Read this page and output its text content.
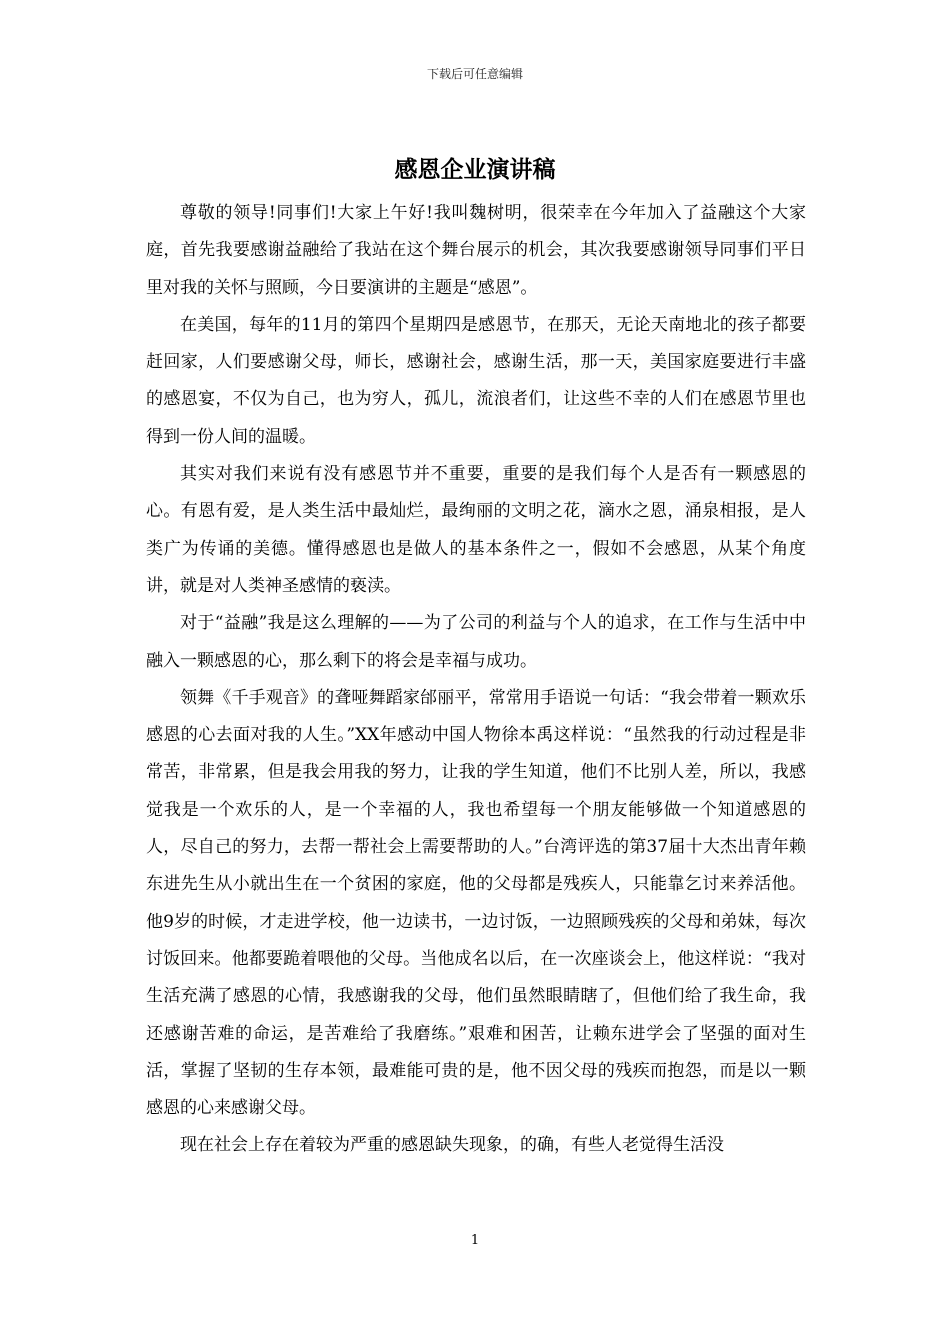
下载后可任意编辑
感恩企业演讲稿

尊敬的领导!同事们!大家上午好!我叫魏树明，很荣幸在今年加入了益融这个大家庭，首先我要感谢益融给了我站在这个舞台展示的机会，其次我要感谢领导同事们平日里对我的关怀与照顾，今日要演讲的主题是“感恩”。

在美国，每年的11月的第四个星期四是感恩节，在那天，无论天南地北的孩子都要赶回家，人们要感谢父母，师长，感谢社会，感谢生活，那一天，美国家庭要进行丰盛的感恩宴，不仅为自己，也为穷人，孤儿，流浪者们，让这些不幸的人们在感恩节里也得到一份人间的温暖。

其实对我们来说有没有感恩节并不重要，重要的是我们每个人是否有一颗感恩的心。有恩有爱，是人类生活中最灿烂，最绚丽的文明之花，滴水之恩，涌泉相报，是人类广为传诵的美德。懂得感恩也是做人的基本条件之一，假如不会感恩，从某个角度讲，就是对人类神圣感情的亵渎。

对于“益融”我是这么理解的——为了公司的利益与个人的追求，在工作与生活中中融入一颗感恩的心，那么剩下的将会是幸福与成功。

领舞《千手观音》的聋哑舞蹈家邰丽平，常常用手语说一句话：“我会带着一颗欢乐感恩的心去面对我的人生。”XX年感动中国人物徐本禹这样说：“虽然我的行动过程是非常苦，非常累，但是我会用我的努力，让我的学生知道，他们不比别人差，所以，我感觉我是一个欢乐的人，是一个幸福的人，我也希望每一个朋友能够做一个知道感恩的人，尽自己的努力，去帮一帮社会上需要帮助的人。”台湾评选的第37届十大杰出青年赖东进先生从小就出生在一个贫困的家庭，他的父母都是残疾人，只能靠乞讨来养活他。他9岁的时候，才走进学校，他一边读书，一边讨饭，一边照顾残疾的父母和弟妹，每次讨饭回来。他都要跪着喂他的父母。当他成名以后，在一次座谈会上，他这样说：“我对生活充满了感恩的心情，我感谢我的父母，他们虽然眼睛瞎了，但他们给了我生命，我还感谢苦难的命运，是苦难给了我磨练。”艰难和困苦，让赖东进学会了坚强的面对生活，掌握了坚韧的生存本领，最难能可贵的是，他不因父母的残疾而抱怨，而是以一颗感恩的心来感谢父母。

现在社会上存在着较为严重的感恩缺失现象，的确，有些人老觉得生活没

1
